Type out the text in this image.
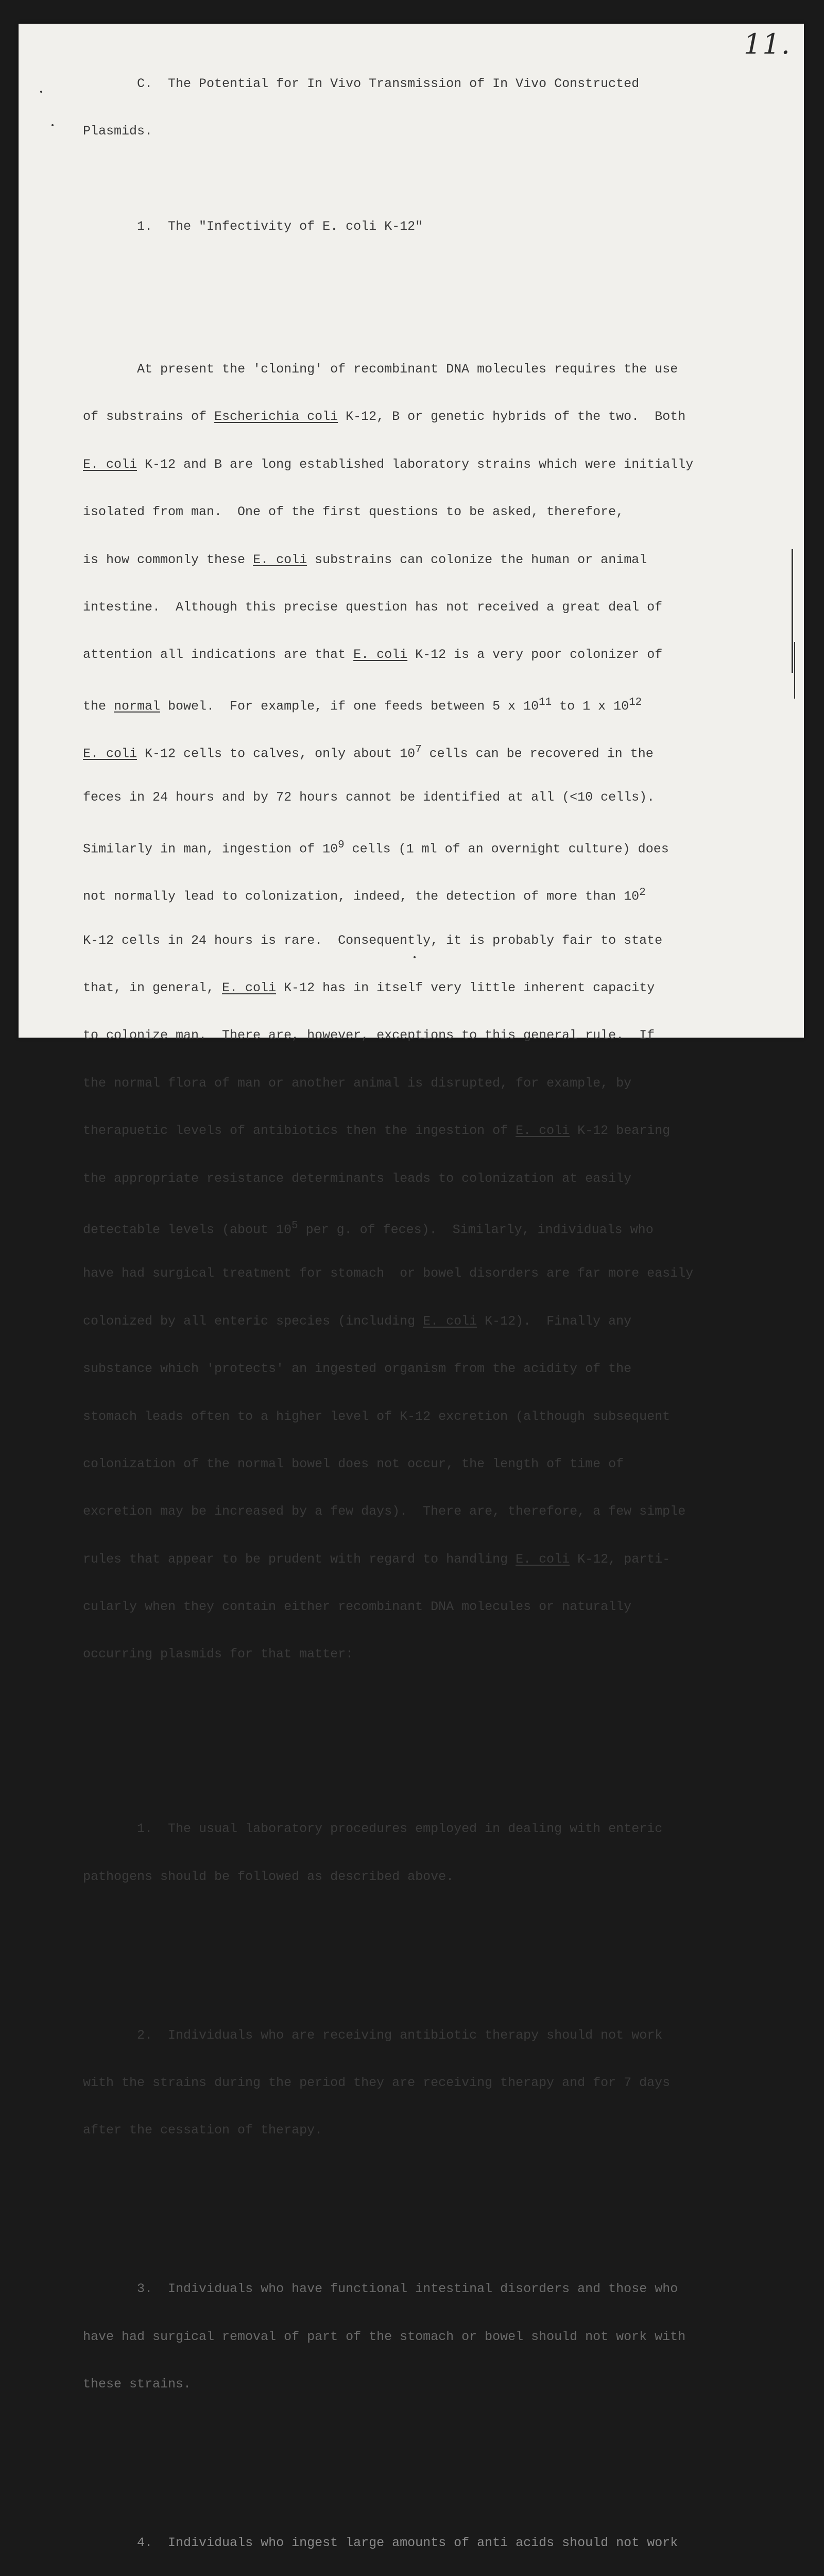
11.

C.  The Potential for In Vivo Transmission of In Vivo Constructed

Plasmids.

1.  The "Infectivity of E. coli K-12"

At present the 'cloning' of recombinant DNA molecules requires the use

of substrains of Escherichia coli K-12, B or genetic hybrids of the two.  Both

E. coli K-12 and B are long established laboratory strains which were initially

isolated from man.  One of the first questions to be asked, therefore,

is how commonly these E. coli substrains can colonize the human or animal

intestine.  Although this precise question has not received a great deal of

attention all indications are that E. coli K-12 is a very poor colonizer of

the normal bowel.  For example, if one feeds between 5 x $10^{11}$ to 1 x $10^{12}$

E. coli K-12 cells to calves, only about $10^7$ cells can be recovered in the

feces in 24 hours and by 72 hours cannot be identified at all (<10 cells).

Similarly in man, ingestion of $10^9$ cells (1 ml of an overnight culture) does

not normally lead to colonization, indeed, the detection of more than $10^2$

K-12 cells in 24 hours is rare.  Consequently, it is probably fair to state

that, in general, E. coli K-12 has in itself very little inherent capacity

to colonize man.  There are, however, exceptions to this general rule.  If

the normal flora of man or another animal is disrupted, for example, by

therapuetic levels of antibiotics then the ingestion of E. coli K-12 bearing

the appropriate resistance determinants leads to colonization at easily

detectable levels (about $10^5$ per g. of feces).  Similarly, individuals who

have had surgical treatment for stomach  or bowel disorders are far more easily

colonized by all enteric species (including E. coli K-12).  Finally any

substance which 'protects' an ingested organism from the acidity of the

stomach leads often to a higher level of K-12 excretion (although subsequent

colonization of the normal bowel does not occur, the length of time of

excretion may be increased by a few days).  There are, therefore, a few simple

rules that appear to be prudent with regard to handling E. coli K-12, parti-

cularly when they contain either recombinant DNA molecules or naturally

occurring plasmids for that matter:

1.  The usual laboratory procedures employed in dealing with enteric

pathogens should be followed as described above.

2.  Individuals who are receiving antibiotic therapy should not work

with the strains during the period they are receiving therapy and for 7 days

after the cessation of therapy.

3.  Individuals who have functional intestinal disorders and those who

have had surgical removal of part of the stomach or bowel should not work with

these strains.

4.  Individuals who ingest large amounts of anti acids should not work
